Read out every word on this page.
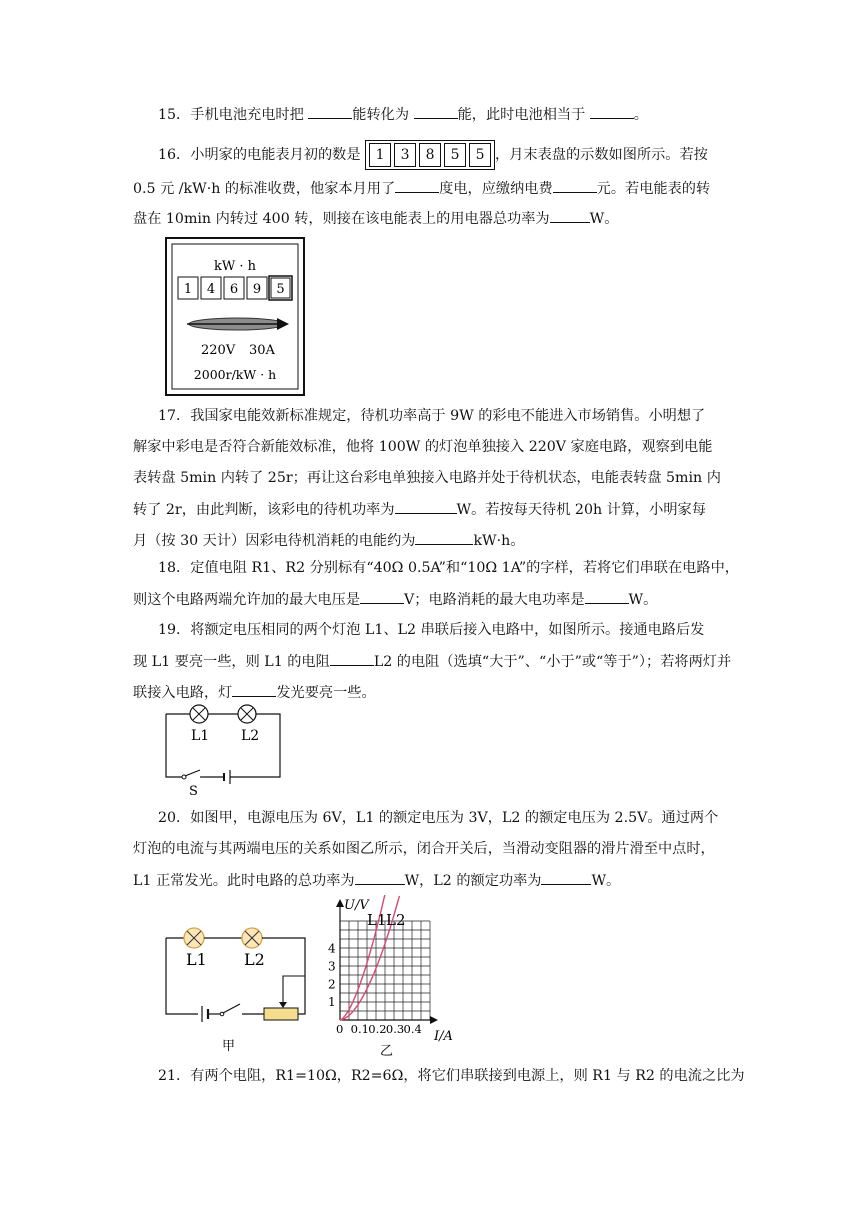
15．手机电池充电时把	能转化为	能，此时电池相当于	。
16．小明家的电能表月初的数是 1 3 8 5 5 ，月末表盘的示数如图所示。若按
0.5 元 /kW·h 的标准收费，他家本月用了	度电，应缴纳电费	元。若电能表的转
盘在 10min 内转过 400 转，则接在该电能表上的用电器总功率为	W。
kW · h
1 4 6 9 5
220V 30A
2000r/kW · h
17．我国家电能效新标准规定，待机功率高于 9W 的彩电不能进入市场销售。小明想了
解家中彩电是否符合新能效标准，他将 100W 的灯泡单独接入 220V 家庭电路，观察到电能
表转盘 5min 内转了 25r；再让这台彩电单独接入电路并处于待机状态，电能表转盘 5min 内
转了 2r，由此判断，该彩电的待机功率为	W。若按每天待机 20h 计算，小明家每
月（按 30 天计）因彩电待机消耗的电能约为	kW·h。
18．定值电阻 R1、R2 分别标有“40Ω 0.5A”和“10Ω 1A”的字样，若将它们串联在电路中，
则这个电路两端允许加的最大电压是	V；电路消耗的最大电功率是	W。
19．将额定电压相同的两个灯泡 L1、L2 串联后接入电路中，如图所示。接通电路后发
现 L1 要亮一些，则 L1 的电阻	L2 的电阻（选填“大于”、“小于”或“等于”）；若将两灯并
联接入电路，灯	发光要亮一些。
L1 L2
S
20．如图甲，电源电压为 6V，L1 的额定电压为 3V，L2 的额定电压为 2.5V。通过两个
灯泡的电流与其两端电压的关系如图乙所示，闭合开关后，当滑动变阻器的滑片滑至中点时，
L1 正常发光。此时电路的总功率为	W，L2 的额定功率为	W。
L1 L2
甲
U/V
I/A
1
2
3
4
0 0.1 0.2 0.3 0.4
L1 L2
乙
21．有两个电阻，R1=10Ω，R2=6Ω，将它们串联接到电源上，则 R1 与 R2 的电流之比为
